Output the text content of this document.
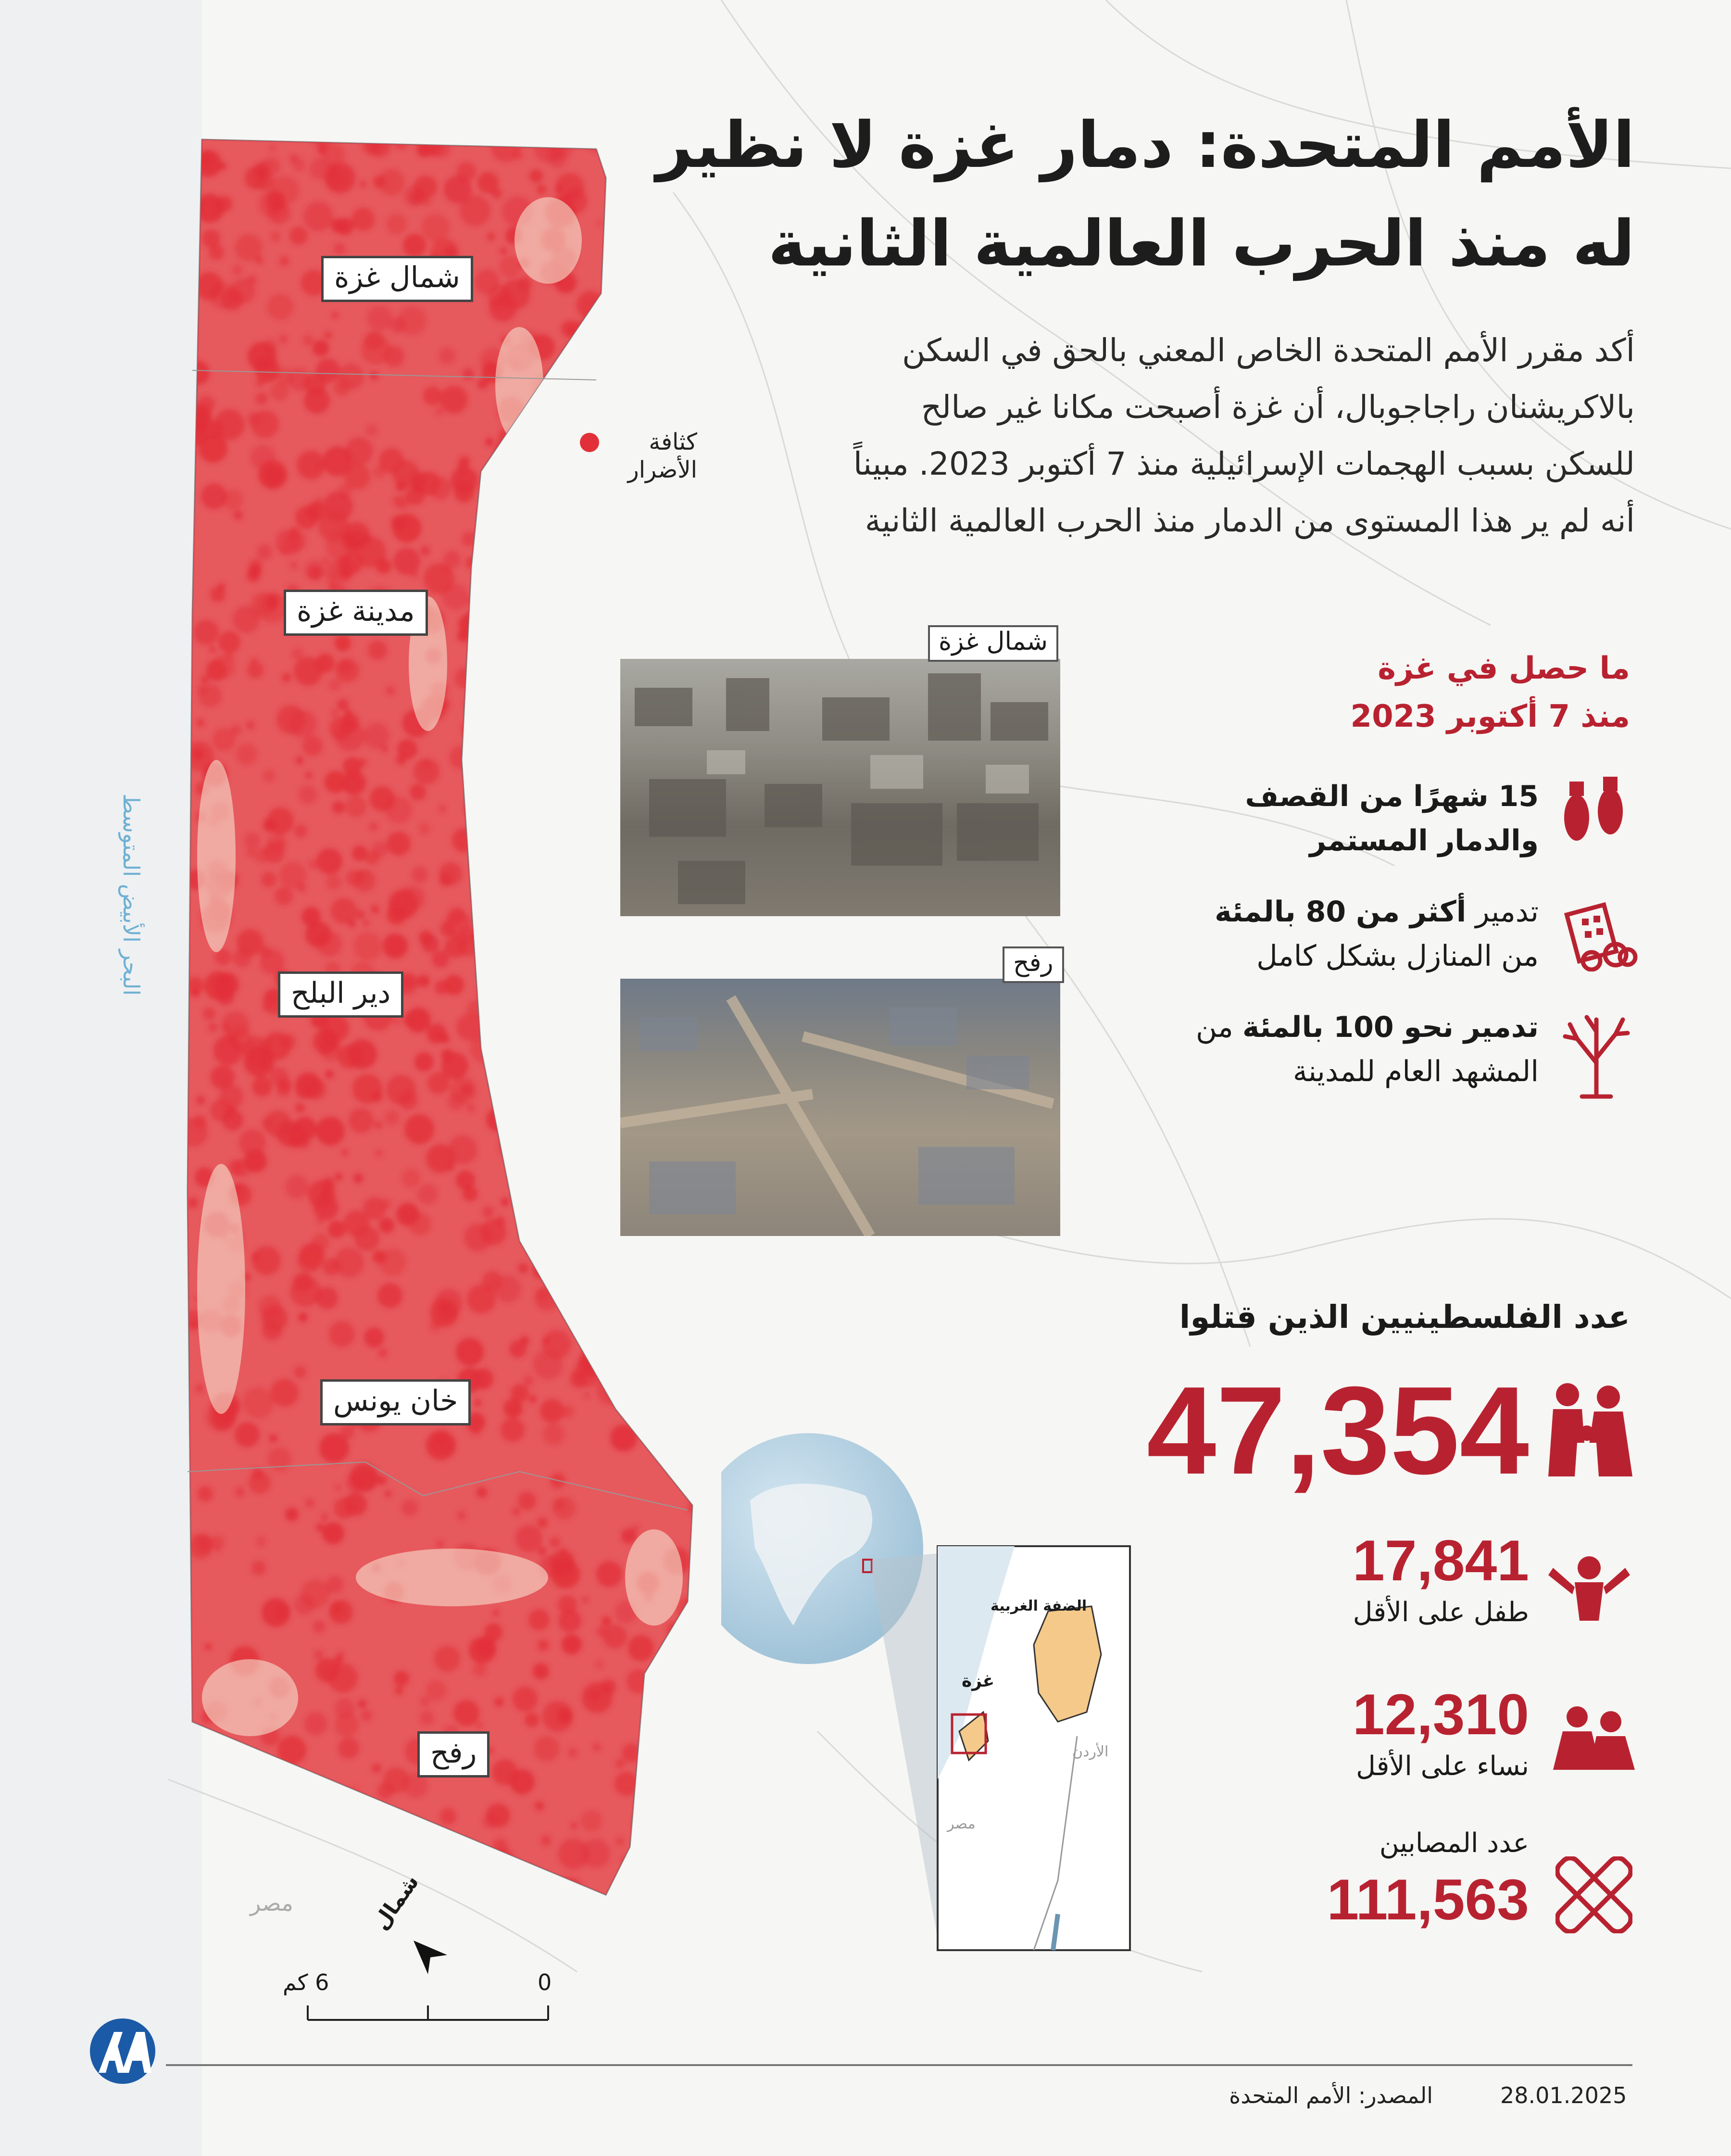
شمال غزة
مدينة غزة
دير البلح
خان يونس
رفح
كثافة
الأضرار
البحر الأبيض المتوسط
مصر	شمال
6 كم	0
الأمم المتحدة: دمار غزة لا نظير
له منذ الحرب العالمية الثانية
أكد مقرر الأمم المتحدة الخاص المعني بالحق في السكن
بالاكريشنان راجاجوبال، أن غزة أصبحت مكانا غير صالح
للسكن بسبب الهجمات الإسرائيلية منذ 7 أكتوبر 2023. مبيناً
أنه لم ير هذا المستوى من الدمار منذ الحرب العالمية الثانية
شمال غزة
رفح
ما حصل في غزة
منذ 7 أكتوبر 2023
15 شهرًا من القصف
والدمار المستمر
تدمير أكثر من 80 بالمئة
من المنازل بشكل كامل
تدمير نحو 100 بالمئة من
المشهد العام للمدينة
عدد الفلسطينيين الذين قتلوا
47,354
17,841
طفل على الأقل
12,310
نساء على الأقل
عدد المصابين
111,563
الضفة الغربية
غزة
الأردن
مصر
المصدر: الأمم المتحدة	28.01.2025
